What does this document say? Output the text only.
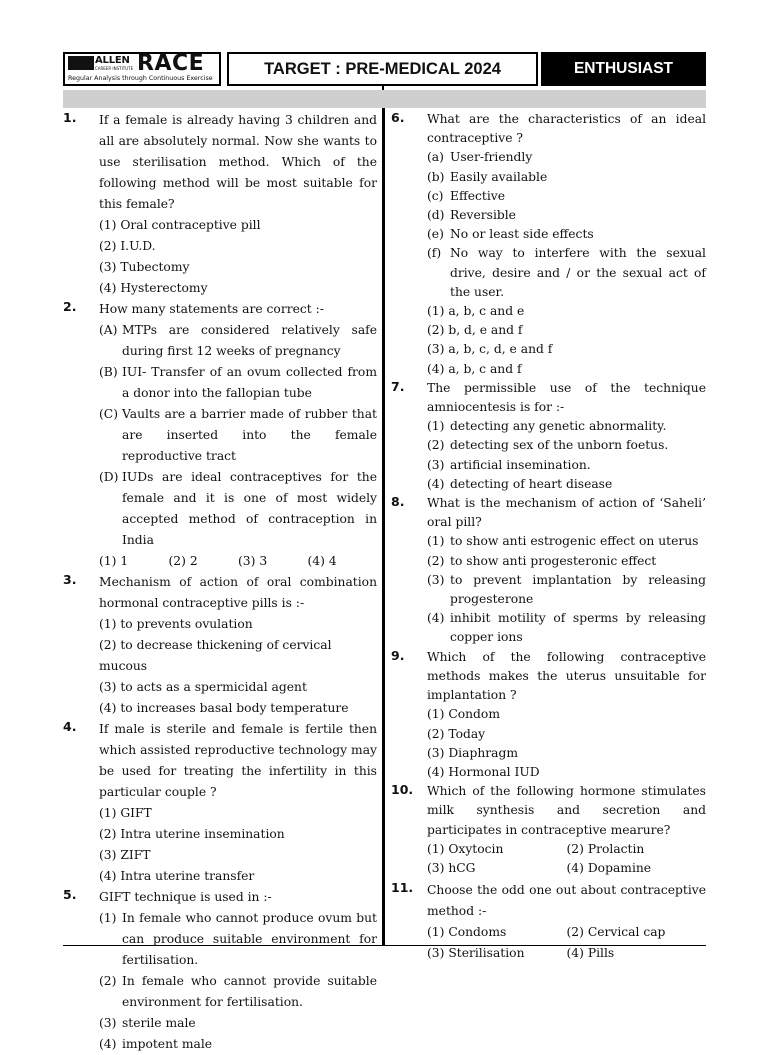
ALLEN
CAREER INSTITUTE RACE
Regular Analysis through Continuous Exercise
TARGET : PRE-MEDICAL 2024	ENTHUSIAST
1. If a female is already having 3 children and all are absolutely normal. Now she wants to use sterilisation method. Which of the following method will be most suitable for this female?
(1) Oral contraceptive pill
(2) I.U.D.
(3) Tubectomy
(4) Hysterectomy
2. How many statements are correct :-
(A) MTPs are considered relatively safe during first 12 weeks of pregnancy
(B) IUI- Transfer of an ovum collected from a donor into the fallopian tube
(C) Vaults are a barrier made of rubber that are inserted into the female reproductive tract
(D) IUDs are ideal contraceptives for the female and it is one of most widely accepted method of contraception in India
(1) 1	(2) 2	(3) 3	(4) 4
3. Mechanism of action of oral combination hormonal contraceptive pills is :-
(1) to prevents ovulation
(2) to decrease thickening of cervical mucous
(3) to acts as a spermicidal agent
(4) to increases basal body temperature
4. If male is sterile and female is fertile then which assisted reproductive technology may be used for treating the infertility in this particular couple ?
(1) GIFT
(2) Intra uterine insemination
(3) ZIFT
(4) Intra uterine transfer
5. GIFT technique is used in :-
(1) In female who cannot produce ovum but can produce suitable environment for fertilisation.
(2) In female who cannot provide suitable environment for fertilisation.
(3) sterile male
(4) impotent male
6. What are the characteristics of an ideal contraceptive ?
(a) User-friendly
(b) Easily available
(c) Effective
(d) Reversible
(e) No or least side effects
(f) No way to interfere with the sexual drive, desire and / or the sexual act of the user.
(1) a, b, c and e
(2) b, d, e and f
(3) a, b, c, d, e and f
(4) a, b, c and f
7. The permissible use of the technique amniocentesis is for :-
(1) detecting any genetic abnormality.
(2) detecting sex of the unborn foetus.
(3) artificial insemination.
(4) detecting of heart disease
8. What is the mechanism of action of ‘Saheli’ oral pill?
(1) to show anti estrogenic effect on uterus
(2) to show anti progesteronic effect
(3) to prevent implantation by releasing progesterone
(4) inhibit motility of sperms by releasing copper ions
9. Which of the following contraceptive methods makes the uterus unsuitable for implantation ?
(1) Condom
(2) Today
(3) Diaphragm
(4) Hormonal IUD
10. Which of the following hormone stimulates milk synthesis and secretion and participates in contraceptive mearure?
(1) Oxytocin	(2) Prolactin
(3) hCG	(4) Dopamine
11. Choose the odd one out about contraceptive method :-
(1) Condoms	(2) Cervical cap
(3) Sterilisation	(4) Pills
